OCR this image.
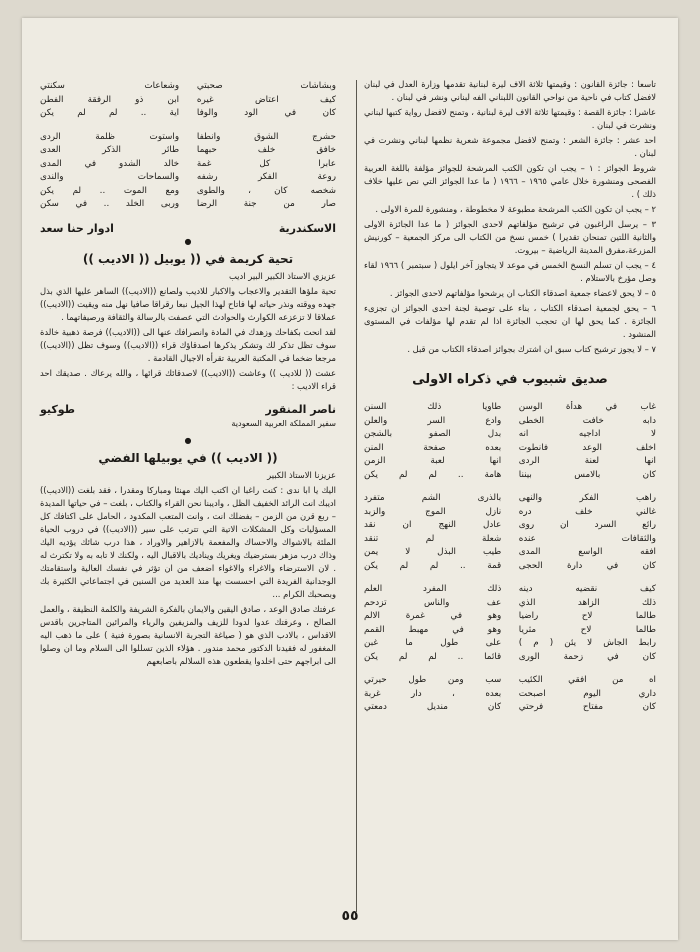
تاسعا : جائزة القانون : وقيمتها ثلاثة الاف ليرة لبنانية تقدمها وزارة العدل في لبنان لافضل كتاب في ناحية من نواحي القانون اللبناني الفه لبناني ونشر في لبنان .

عاشرا : جائزة القصة : وقيمتها ثلاثة الاف ليرة لبنانية ، وتمنح لافضل رواية كتبها لبناني ونشرت في لبنان .

احد عشر : جائزة الشعر : وتمنح لافضل مجموعة شعرية نظمها لبناني ونشرت في لبنان .

شروط الجوائز : ١ – يجب ان تكون الكتب المرشحة للجوائز مؤلفة باللغة العربية الفصحى ومنشورة خلال عامي ١٩٦٥ – ١٩٦٦ ( ما عدا الجوائز التي نص عليها خلاف ذلك ) .

٢ – يجب ان تكون الكتب المرشحة مطبوعة لا مخطوطة ، ومنشورة للمرة الاولى .

٣ – يرسل الراغبون في ترشيح مؤلفاتهم لاحدى الجوائز ( ما عدا الجائزة الاولى والثانية اللتين تمنحان تقديرا ) خمس نسخ من الكتاب الى مركز الجمعية – كورنيش المزرعة،مفرق المدينة الرياضية – بيروت.

٤ – يجب ان تسلم النسخ الخمس في موعد لا يتجاوز آخر ايلول ( سبتمبر ) ١٩٦٦ لقاء وصل مؤرخ بالاستلام .

٥ – لا يحق لاعضاء جمعية اصدقاء الكتاب ان يرشحوا مؤلفاتهم لاحدى الجوائز .

٦ – يحق لجمعية اصدقاء الكتاب ، بناء على توصية لجنة احدى الجوائز ان تجزىء الجائزة . كما يحق لها ان تحجب الجائزة اذا لم تقدم لها مؤلفات في المستوى المنشود .

٧ – لا يجوز ترشيح كتاب سبق ان اشترك بجوائز اصدقاء الكتاب من قبل .

صديق شبيوب في ذكراه الاولى
غاب في هدأة الوسن
دابه خافت الخطى
لا اداجيه انه
اخلف الوعد فانطوت
انها لعنة الردى
كان بالامس بيننا
طاويا ذلك السنن
وادع السر والعلن
بدل الصفو بالشجن
بعده صفحة المنن
انها لعبة الزمن
هامة .. لم لم يكن
راهب الفكر والنهى
غالني خلف دره
رائع السرد ان روى
والثقافات عنده
افقه الواسع المدى
كان في دارة الحجى
بالذرى الشم متفرد
نازل الموج والزبد
عادل النهج ان نقد
شعلة لم تنقد
طيب البذل لا يمن
قمة .. لم لم يكن
كيف نقضيه دينه
ذلك الزاهد الذي
طالما لاح راضيا
طالما لاح مثريا
رابط الجاش لا يئن ( م )
كان في زحمة الورى
ذلك المفرد العلم
عف والناس تزدحم
وهو في غمرة الالم
وهو في مهبط القمم
على طول ما غبن
قائما .. لم لم يكن
اه من افقي الكئيب
داري اليوم اصبحت
كان مفتاح فرحتي
سب ومن طول حيرتي
بعده ، دار غربة
كان منديل دمعتي
وبشاشات صحبتي
كيف اعتاض غيره
كان في الود والوفا
وشعاعات سكنتي
ابن ذو الرفقة الفطن
اية .. لم لم يكن
حشرج الشوق وانطفا
خافق خلف حبهما
عابرا كل غمة
روعة الفكر رشفه
شخصه كان ، والطوى
صار من جنة الرضا
واستوت ظلمة الردى
طائر الذكر العدى
خالد الشدو في المدى
والسماحات والندى
ومع الموت .. لم يكن
وربى الخلد .. في سكن
الاسكندرية
ادوار حنا سعد
●
تحية كريمة في (( يوبيل (( الاديب ))

عزيزي الاستاذ الكبير البير اديب

تحية ملؤها التقدير والاعجاب والاكبار للاديب ولصانع ((الاديب)) الساهر عليها الذي بذل جهده ووقته ونذر حياته لها فاتاح لهذا الجيل نبعا رقراقا صافيا نهل منه ويقيت ((الاديب)) عملاقا لا تزعزعه الكوارث والحوادث التي عصفت بالرسالة والثقافة ورصيفاتهما .

لقد انحت بكفاحك وزهدك في المادة وانصرافك عنها الى ((الاديب)) فرصة ذهبية خالدة سوف تظل تذكر لك وتشكر يذكرها اصدقاؤك قراء ((الاديب)) وسوف تظل ((الاديب)) مرجعا ضخما في المكتبة العربية تقرأه الاجيال القادمة .

عشت (( للاديب )) وعاشت ((الاديب)) لاصدقائك قرائها ، والله يرعاك . صديقك احد قراء الاديب :

ناصر المنقور
طوكيو
سفير المملكة العربية السعودية
●
(( الاديب )) في يوبيلها الفضي

عزيزنا الاستاذ الكبير

اليك يا ابا ندى : كنت راغبا ان اكتب اليك مهنئا ومباركا ومقدرا ، فقد بلغت ((الاديب)) اديبك انت الرائد الخفيف الظل ، واديبنا نحن القراء والكتاب ، بلغت – في حياتها المديدة – ربع قرن من الزمن – بفضلك انت ، وانت المتعب المكدود ، الحامل على اكتافك كل المسؤليات وكل المشكلات الاتية التي تترتب على سير ((الاديب)) في دروب الحياة الملئة بالاشواك والاحساك والمفعمة بالازاهير والاوراد ، هذا درب شائك يؤديه اليك وذاك درب مزهر بسترضيك ويغريك ويناديك بالاقبال اليه ، ولكنك لا تابه به ولا تكترث له . لان الاسترضاء والاغراء والاغواء اضعف من ان تؤثر في نفسك العالية واستقامتك الوجدانية الفريدة التي احسست بها منذ العديد من السنين في اجتماعاتي الكثيرة بك وبصحبك الكرام ...

عرفتك صادق الوعد ، صادق اليقين والايمان بالفكرة الشريفة والكلمة النظيفة ، والعمل الصالح ، وعرفتك عدوا لدودا للزيف والمزيفين والرياء والمرائين المتاجرين باقدس الاقداس ، بالادب الذي هو ( صياغة التجربة الانسانية بصورة فنية ) على ما ذهب اليه المغفور له فقيدنا الدكتور محمد مندور . هؤلاء الذين تسللوا الى السلام وما ان وصلوا الى ابراجهم حتى اخلدوا يقطعون هذه السلالم باصابعهم

٥٥
